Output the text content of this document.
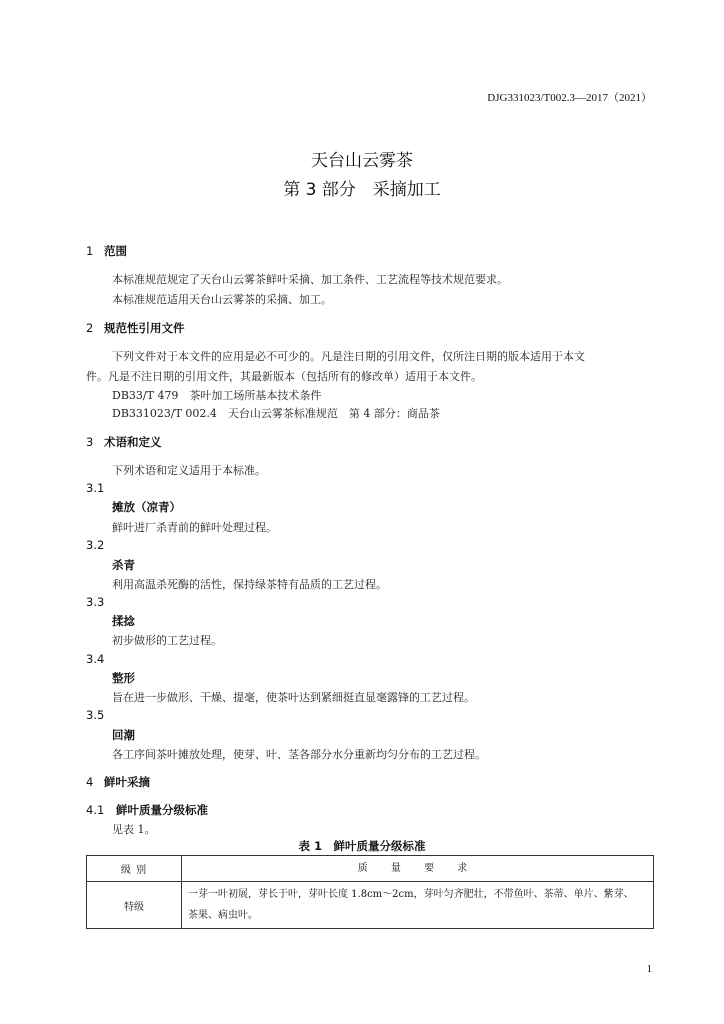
DJG331023/T002.3—2017（2021）
天台山云雾茶
第 3 部分　采摘加工
1 范围
本标准规范规定了天台山云雾茶鲜叶采摘、加工条件、工艺流程等技术规范要求。
本标准规范适用天台山云雾茶的采摘、加工。
2 规范性引用文件
下列文件对于本文件的应用是必不可少的。凡是注日期的引用文件，仅所注日期的版本适用于本文
件。凡是不注日期的引用文件，其最新版本（包括所有的修改单）适用于本文件。
DB33/T 479　茶叶加工场所基本技术条件
DB331023/T 002.4　天台山云雾茶标准规范　第 4 部分：商品茶
3 术语和定义
下列术语和定义适用于本标准。
3.1
摊放（凉青）
鲜叶进厂杀青前的鲜叶处理过程。
3.2
杀青
利用高温杀死酶的活性，保持绿茶特有品质的工艺过程。
3.3
揉捻
初步做形的工艺过程。
3.4
整形
旨在进一步做形、干燥、提毫，使茶叶达到紧细挺直显毫露锋的工艺过程。
3.5
回潮
各工序间茶叶摊放处理，使芽、叶、茎各部分水分重新均匀分布的工艺过程。
4 鲜叶采摘
4.1 鲜叶质量分级标准
见表 1。
表 1　鲜叶质量分级标准
级 别	质 量 要 求
特级	一芽一叶初展，芽长于叶，芽叶长度 1.8cm～2cm，芽叶匀齐肥壮，不带鱼叶、茶蒂、单片、紫芽、
茶果、病虫叶。
1
